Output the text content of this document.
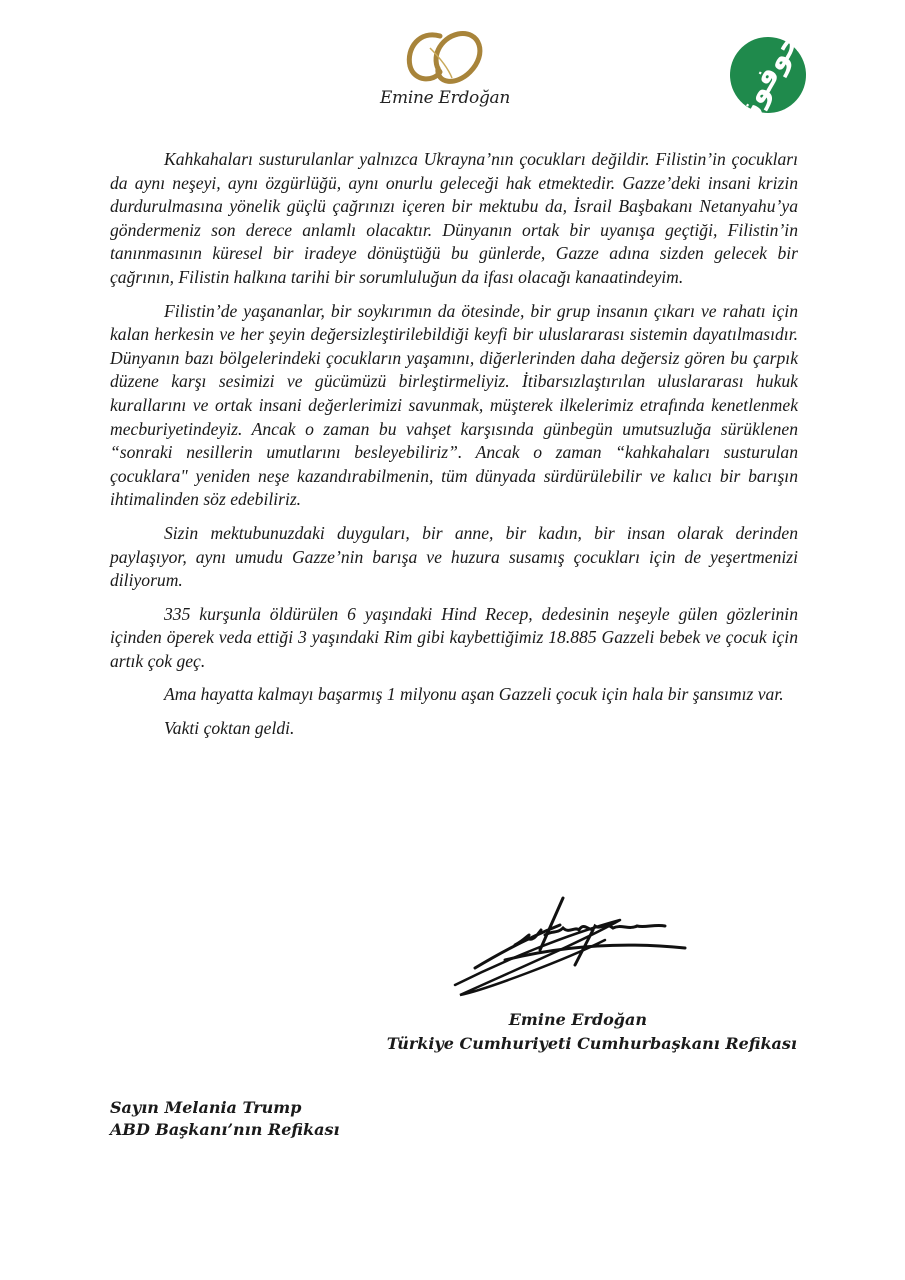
Emine Erdoğan	جوفوز

Kahkahaları susturulanlar yalnızca Ukrayna’nın çocukları değildir. Filistin’in çocukları da aynı neşeyi, aynı özgürlüğü, aynı onurlu geleceği hak etmektedir. Gazze’deki insani krizin durdurulmasına yönelik güçlü çağrınızı içeren bir mektubu da, İsrail Başbakanı Netanyahu’ya göndermeniz son derece anlamlı olacaktır. Dünyanın ortak bir uyanışa geçtiği, Filistin’in tanınmasının küresel bir iradeye dönüştüğü bu günlerde, Gazze adına sizden gelecek bir çağrının, Filistin halkına tarihi bir sorumluluğun da ifası olacağı kanaatindeyim.

Filistin’de yaşananlar, bir soykırımın da ötesinde, bir grup insanın çıkarı ve rahatı için kalan herkesin ve her şeyin değersizleştirilebildiği keyfi bir uluslararası sistemin dayatılmasıdır. Dünyanın bazı bölgelerindeki çocukların yaşamını, diğerlerinden daha değersiz gören bu çarpık düzene karşı sesimizi ve gücümüzü birleştirmeliyiz. İtibarsızlaştırılan uluslararası hukuk kurallarını ve ortak insani değerlerimizi savunmak, müşterek ilkelerimiz etrafında kenetlenmek mecburiyetindeyiz. Ancak o zaman bu vahşet karşısında günbegün umutsuzluğa sürüklenen “sonraki nesillerin umutlarını besleyebiliriz”. Ancak o zaman “kahkahaları susturulan çocuklara" yeniden neşe kazandırabilmenin, tüm dünyada sürdürülebilir ve kalıcı bir barışın ihtimalinden söz edebiliriz.

Sizin mektubunuzdaki duyguları, bir anne, bir kadın, bir insan olarak derinden paylaşıyor, aynı umudu Gazze’nin barışa ve huzura susamış çocukları için de yeşertmenizi diliyorum.

335 kurşunla öldürülen 6 yaşındaki Hind Recep, dedesinin neşeyle gülen gözlerinin içinden öperek veda ettiği 3 yaşındaki Rim gibi kaybettiğimiz 18.885 Gazzeli bebek ve çocuk için artık çok geç.

Ama hayatta kalmayı başarmış 1 milyonu aşan Gazzeli çocuk için hala bir şansımız var.

Vakti çoktan geldi.

Emine Erdoğan
Türkiye Cumhuriyeti Cumhurbaşkanı Refikası
Sayın Melania Trump
ABD Başkanı’nın Refikası
